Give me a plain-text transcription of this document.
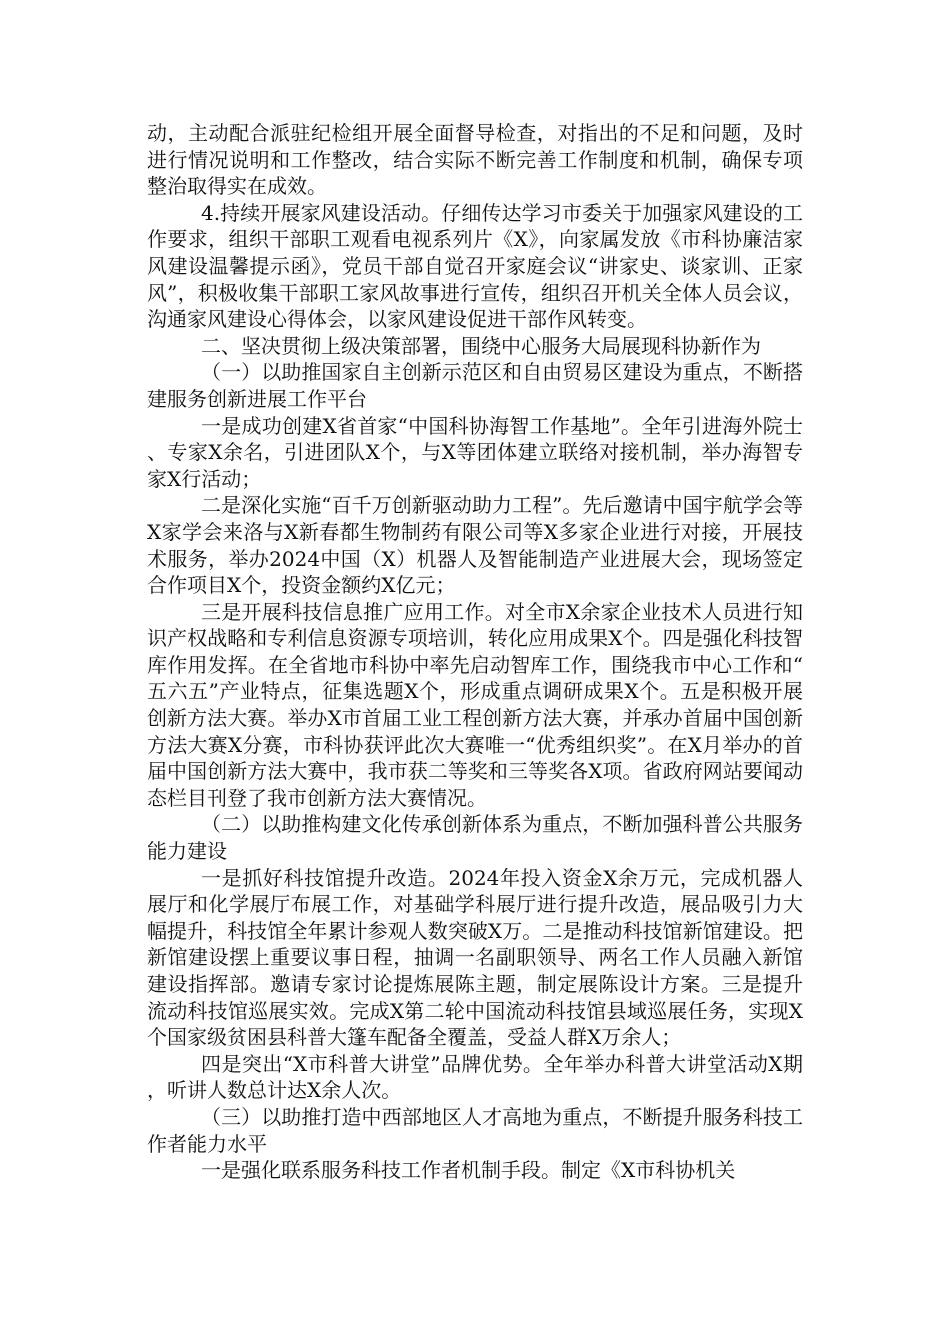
动，主动配合派驻纪检组开展全面督导检查，对指出的不足和问题，及时进行情况说明和工作整改，结合实际不断完善工作制度和机制，确保专项整治取得实在成效。

4.持续开展家风建设活动。仔细传达学习市委关于加强家风建设的工作要求，组织干部职工观看电视系列片《X》，向家属发放《市科协廉洁家风建设温馨提示函》，党员干部自觉召开家庭会议“讲家史、谈家训、正家风”，积极收集干部职工家风故事进行宣传，组织召开机关全体人员会议，沟通家风建设心得体会，以家风建设促进干部作风转变。

二、坚决贯彻上级决策部署，围绕中心服务大局展现科协新作为

（一）以助推国家自主创新示范区和自由贸易区建设为重点，不断搭建服务创新进展工作平台

一是成功创建X省首家“中国科协海智工作基地”。全年引进海外院士、专家X余名，引进团队X个，与X等团体建立联络对接机制，举办海智专家X行活动；

二是深化实施“百千万创新驱动助力工程”。先后邀请中国宇航学会等X家学会来洛与X新春都生物制药有限公司等X多家企业进行对接，开展技术服务，举办2024中国（X）机器人及智能制造产业进展大会，现场签定合作项目X个，投资金额约X亿元；

三是开展科技信息推广应用工作。对全市X余家企业技术人员进行知识产权战略和专利信息资源专项培训，转化应用成果X个。四是强化科技智库作用发挥。在全省地市科协中率先启动智库工作，围绕我市中心工作和“五六五”产业特点，征集选题X个，形成重点调研成果X个。五是积极开展创新方法大赛。举办X市首届工业工程创新方法大赛，并承办首届中国创新方法大赛X分赛，市科协获评此次大赛唯一“优秀组织奖”。在X月举办的首届中国创新方法大赛中，我市获二等奖和三等奖各X项。省政府网站要闻动态栏目刊登了我市创新方法大赛情况。

（二）以助推构建文化传承创新体系为重点，不断加强科普公共服务能力建设

一是抓好科技馆提升改造。2024年投入资金X余万元，完成机器人展厅和化学展厅布展工作，对基础学科展厅进行提升改造，展品吸引力大幅提升，科技馆全年累计参观人数突破X万。二是推动科技馆新馆建设。把新馆建设摆上重要议事日程，抽调一名副职领导、两名工作人员融入新馆建设指挥部。邀请专家讨论提炼展陈主题，制定展陈设计方案。三是提升流动科技馆巡展实效。完成X第二轮中国流动科技馆县域巡展任务，实现X个国家级贫困县科普大篷车配备全覆盖，受益人群X万余人；

四是突出“X市科普大讲堂”品牌优势。全年举办科普大讲堂活动X期，听讲人数总计达X余人次。

（三）以助推打造中西部地区人才高地为重点，不断提升服务科技工作者能力水平

一是强化联系服务科技工作者机制手段。制定《X市科协机关
